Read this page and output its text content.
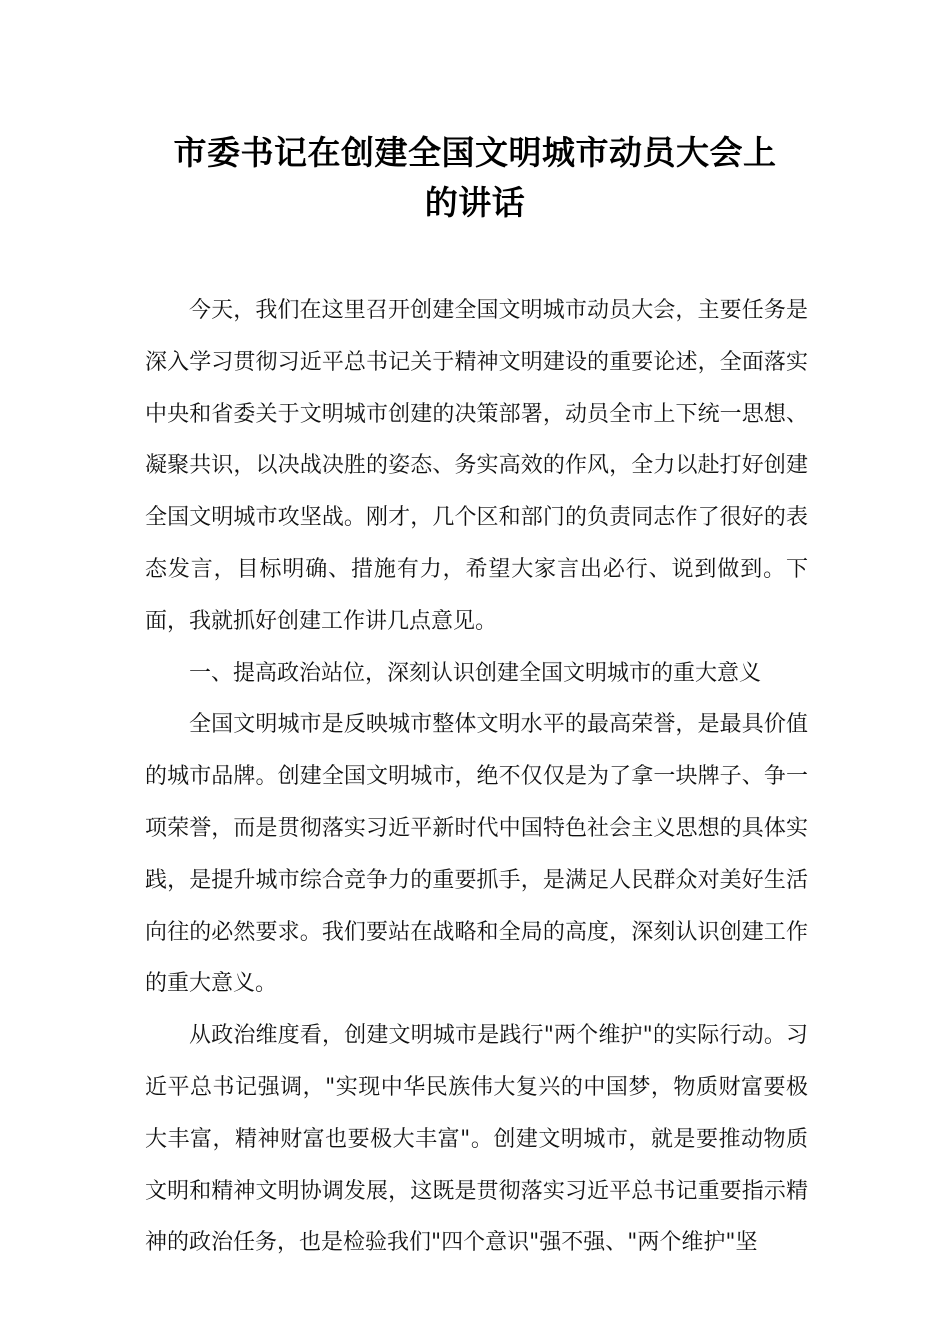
市委书记在创建全国文明城市动员大会上
的讲话

今天，我们在这里召开创建全国文明城市动员大会，主要任务是深入学习贯彻习近平总书记关于精神文明建设的重要论述，全面落实中央和省委关于文明城市创建的决策部署，动员全市上下统一思想、凝聚共识，以决战决胜的姿态、务实高效的作风，全力以赴打好创建全国文明城市攻坚战。刚才，几个区和部门的负责同志作了很好的表态发言，目标明确、措施有力，希望大家言出必行、说到做到。下面，我就抓好创建工作讲几点意见。

一、提高政治站位，深刻认识创建全国文明城市的重大意义

全国文明城市是反映城市整体文明水平的最高荣誉，是最具价值的城市品牌。创建全国文明城市，绝不仅仅是为了拿一块牌子、争一项荣誉，而是贯彻落实习近平新时代中国特色社会主义思想的具体实践，是提升城市综合竞争力的重要抓手，是满足人民群众对美好生活向往的必然要求。我们要站在战略和全局的高度，深刻认识创建工作的重大意义。

从政治维度看，创建文明城市是践行"两个维护"的实际行动。习近平总书记强调，"实现中华民族伟大复兴的中国梦，物质财富要极大丰富，精神财富也要极大丰富"。创建文明城市，就是要推动物质文明和精神文明协调发展，这既是贯彻落实习近平总书记重要指示精神的政治任务，也是检验我们"四个意识"强不强、"两个维护"坚
